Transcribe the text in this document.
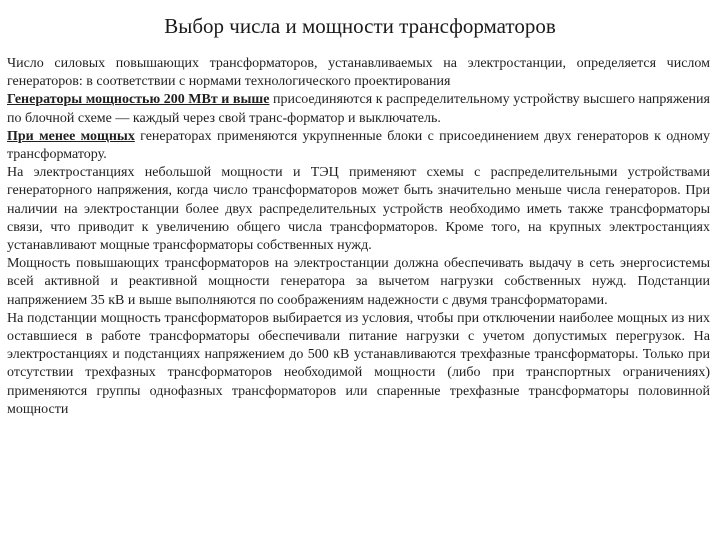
Выбор числа и мощности трансформаторов

Число силовых повышающих трансформаторов, устанавливаемых на электростанции, определяется числом генераторов: в соответствии с нормами технологического проектирования

Генераторы мощностью 200 МВт и выше присоединяются к распределительному устройству высшего напряжения по блочной схеме — каждый через свой транс-форматор и выключатель.

При менее мощных генераторах применяются укрупненные блоки с присоединением двух генераторов к одному трансформатору.

На электростанциях небольшой мощности и ТЭЦ применяют схемы с распределительными устройствами генераторного напряжения, когда число трансформаторов может быть значительно меньше числа генераторов. При наличии на электростанции более двух распределительных устройств необходимо иметь также трансформаторы связи, что приводит к увеличению общего числа трансформаторов. Кроме того, на крупных электростанциях устанавливают мощные трансформаторы собственных нужд.

Мощность повышающих трансформаторов на электростанции должна обеспечивать выдачу в сеть энергосистемы всей активной и реактивной мощности генератора за вычетом нагрузки собственных нужд. Подстанции напряжением 35 кВ и выше выполняются по соображениям надежности с двумя трансформаторами.

На подстанции мощность трансформаторов выбирается из условия, чтобы при отключении наиболее мощных из них оставшиеся в работе трансформаторы обеспечивали питание нагрузки с учетом допустимых перегрузок. На электростанциях и подстанциях напряжением до 500 кВ устанавливаются трехфазные трансформаторы. Только при отсутствии трехфазных трансформаторов необходимой мощности (либо при транспортных ограничениях) применяются группы однофазных трансформаторов или спаренные трехфазные трансформаторы половинной мощности
